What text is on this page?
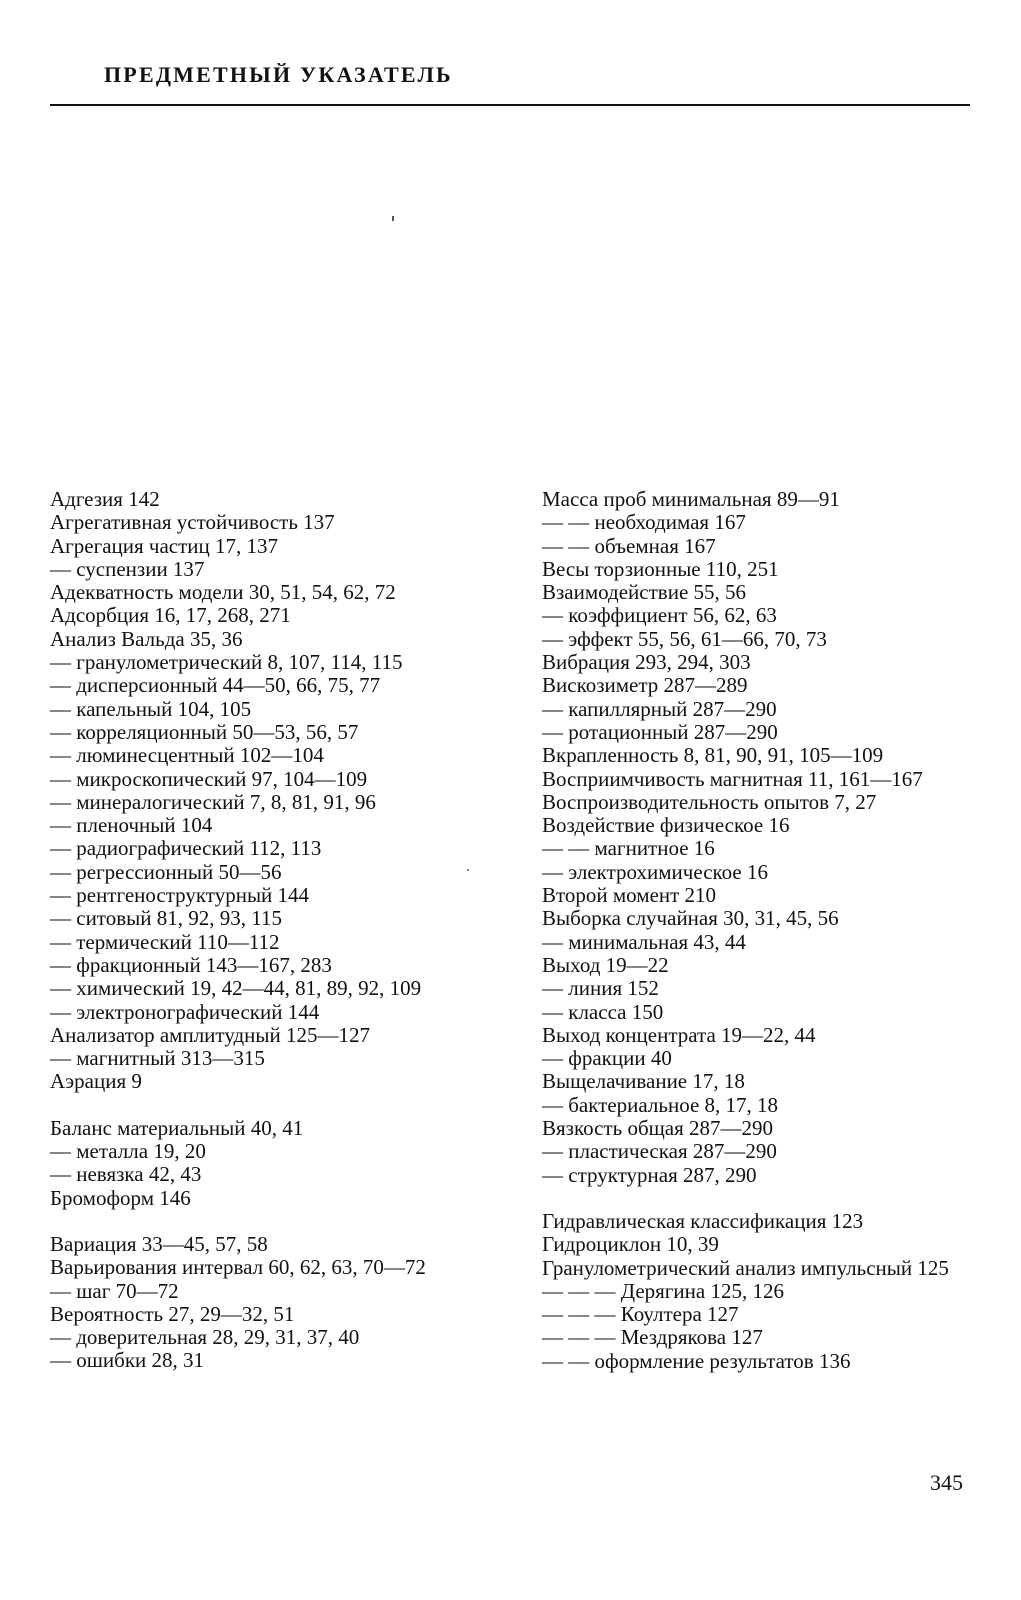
ПРЕДМЕТНЫЙ УКАЗАТЕЛЬ
Адгезия 142
Агрегативная устойчивость 137
Агрегация частиц 17, 137
— суспензии 137
Адекватность модели 30, 51, 54, 62, 72
Адсорбция 16, 17, 268, 271
Анализ Вальда 35, 36
— гранулометрический 8, 107, 114, 115
— дисперсионный 44—50, 66, 75, 77
— капельный 104, 105
— корреляционный 50—53, 56, 57
— люминесцентный 102—104
— микроскопический 97, 104—109
— минералогический 7, 8, 81, 91, 96
— пленочный 104
— радиографический 112, 113
— регрессионный 50—56
— рентгеноструктурный 144
— ситовый 81, 92, 93, 115
— термический 110—112
— фракционный 143—167, 283
— химический 19, 42—44, 81, 89, 92, 109
— электронографический 144
Анализатор амплитудный 125—127
— магнитный 313—315
Аэрация 9
Баланс материальный 40, 41
— металла 19, 20
— невязка 42, 43
Бромоформ 146
Вариация 33—45, 57, 58
Варьирования интервал 60, 62, 63, 70—72
— шаг 70—72
Вероятность 27, 29—32, 51
— доверительная 28, 29, 31, 37, 40
— ошибки 28, 31
Масса проб минимальная 89—91
— — необходимая 167
— — объемная 167
Весы торзионные 110, 251
Взаимодействие 55, 56
— коэффициент 56, 62, 63
— эффект 55, 56, 61—66, 70, 73
Вибрация 293, 294, 303
Вискозиметр 287—289
— капиллярный 287—290
— ротационный 287—290
Вкрапленность 8, 81, 90, 91, 105—109
Восприимчивость магнитная 11, 161—167
Воспроизводительность опытов 7, 27
Воздействие физическое 16
— — магнитное 16
— электрохимическое 16
Второй момент 210
Выборка случайная 30, 31, 45, 56
— минимальная 43, 44
Выход 19—22
— линия 152
— класса 150
Выход концентрата 19—22, 44
— фракции 40
Выщелачивание 17, 18
— бактериальное 8, 17, 18
Вязкость общая 287—290
— пластическая 287—290
— структурная 287, 290
Гидравлическая классификация 123
Гидроциклон 10, 39
Гранулометрический анализ импульсный 125
— — — Дерягина 125, 126
— — — Коултера 127
— — — Мездрякова 127
— — оформление результатов 136
345
